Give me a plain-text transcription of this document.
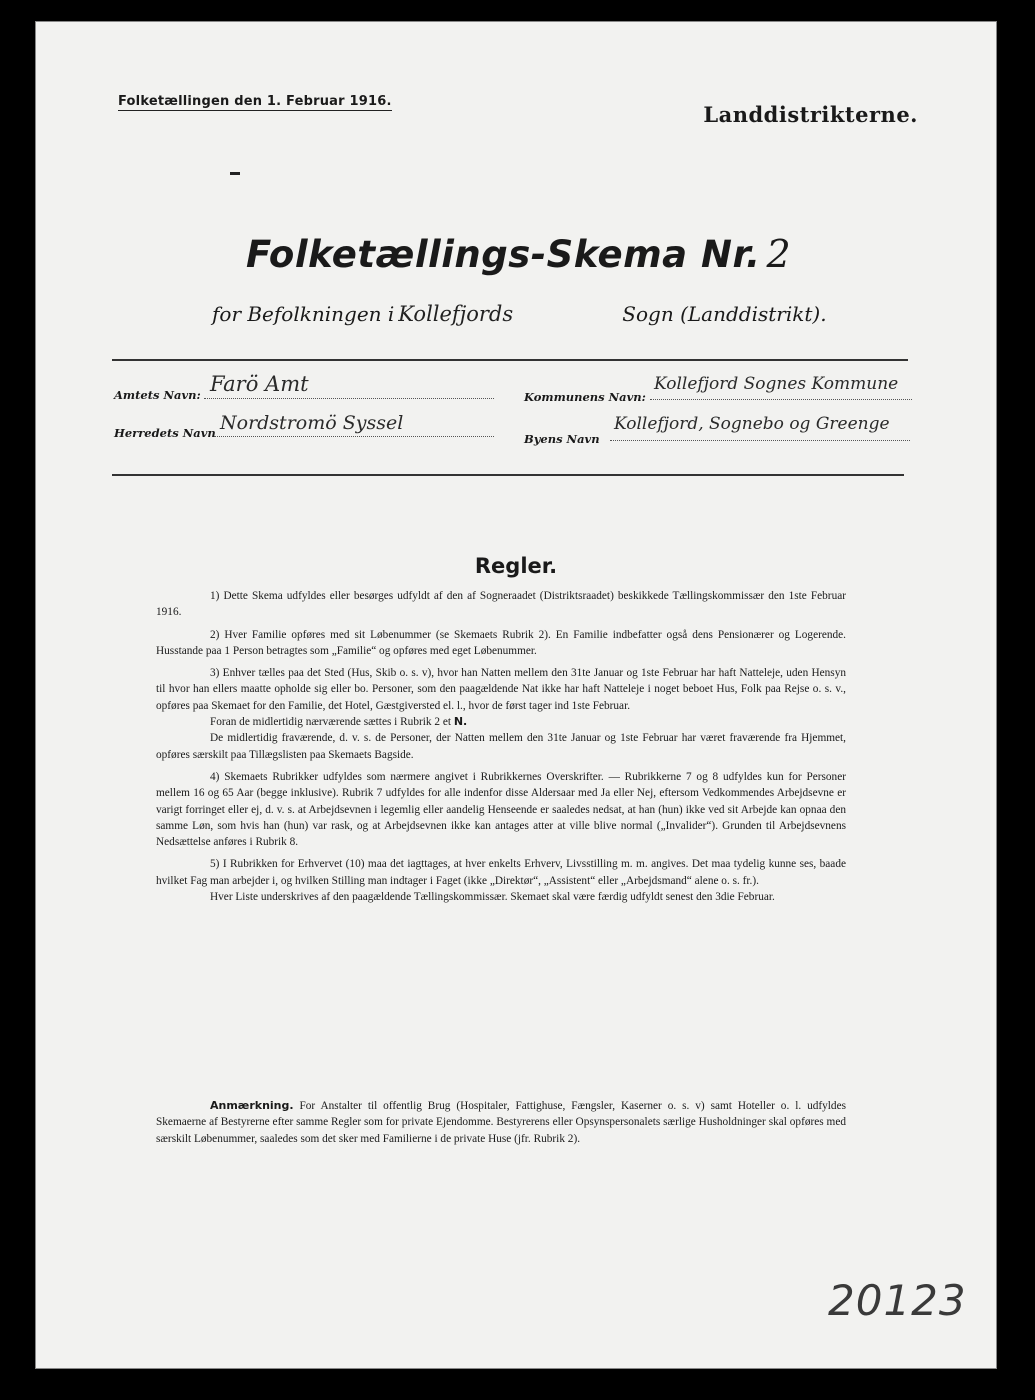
Folketællingen den 1. Februar 1916.
Landdistrikterne.
Folketællings-Skema Nr. 2
for Befolkningen i Kollefjords	Sogn (Landdistrikt).
Amtets Navn: Farö Amt
Kommunens Navn:
Kollefjord Sognes Kommune
Herredets Navn Nordstromö Syssel
Byens Navn
Kollefjord, Sognebo og Greenge
Regler.

1) Dette Skema udfyldes eller besørges udfyldt af den af Sogneraadet (Distriktsraadet) beskikkede Tællingskommissær den 1ste Februar 1916.

2) Hver Familie opføres med sit Løbenummer (se Skemaets Rubrik 2). En Familie indbefatter også dens Pensionærer og Logerende. Husstande paa 1 Person betragtes som „Familie“ og opføres med eget Løbenummer.

3) Enhver tælles paa det Sted (Hus, Skib o. s. v), hvor han Natten mellem den 31te Januar og 1ste Februar har haft Natteleje, uden Hensyn til hvor han ellers maatte opholde sig eller bo. Personer, som den paagældende Nat ikke har haft Natteleje i noget beboet Hus, Folk paa Rejse o. s. v., opføres paa Skemaet for den Familie, det Hotel, Gæstgiversted el. l., hvor de først tager ind 1ste Februar.

Foran de midlertidig nærværende sættes i Rubrik 2 et N.

De midlertidig fraværende, d. v. s. de Personer, der Natten mellem den 31te Januar og 1ste Februar har været fraværende fra Hjemmet, opføres særskilt paa Tillægslisten paa Skemaets Bagside.

4) Skemaets Rubrikker udfyldes som nærmere angivet i Rubrikkernes Overskrifter. — Rubrikkerne 7 og 8 udfyldes kun for Personer mellem 16 og 65 Aar (begge inklusive). Rubrik 7 udfyldes for alle indenfor disse Aldersaar med Ja eller Nej, eftersom Vedkommendes Arbejdsevne er varigt forringet eller ej, d. v. s. at Arbejdsevnen i legemlig eller aandelig Henseende er saaledes nedsat, at han (hun) ikke ved sit Arbejde kan opnaa den samme Løn, som hvis han (hun) var rask, og at Arbejdsevnen ikke kan antages atter at ville blive normal („Invalider“). Grunden til Arbejdsevnens Nedsættelse anføres i Rubrik 8.

5) I Rubrikken for Erhvervet (10) maa det iagttages, at hver enkelts Erhverv, Livsstilling m. m. angives. Det maa tydelig kunne ses, baade hvilket Fag man arbejder i, og hvilken Stilling man indtager i Faget (ikke „Direktør“, „Assistent“ eller „Arbejdsmand“ alene o. s. fr.).

Hver Liste underskrives af den paagældende Tællingskommissær. Skemaet skal være færdig udfyldt senest den 3die Februar.

Anmærkning. For Anstalter til offentlig Brug (Hospitaler, Fattighuse, Fængsler, Kaserner o. s. v) samt Hoteller o. l. udfyldes Skemaerne af Bestyrerne efter samme Regler som for private Ejendomme. Bestyrerens eller Opsynspersonalets særlige Husholdninger skal opføres med særskilt Løbenummer, saaledes som det sker med Familierne i de private Huse (jfr. Rubrik 2).

20123
